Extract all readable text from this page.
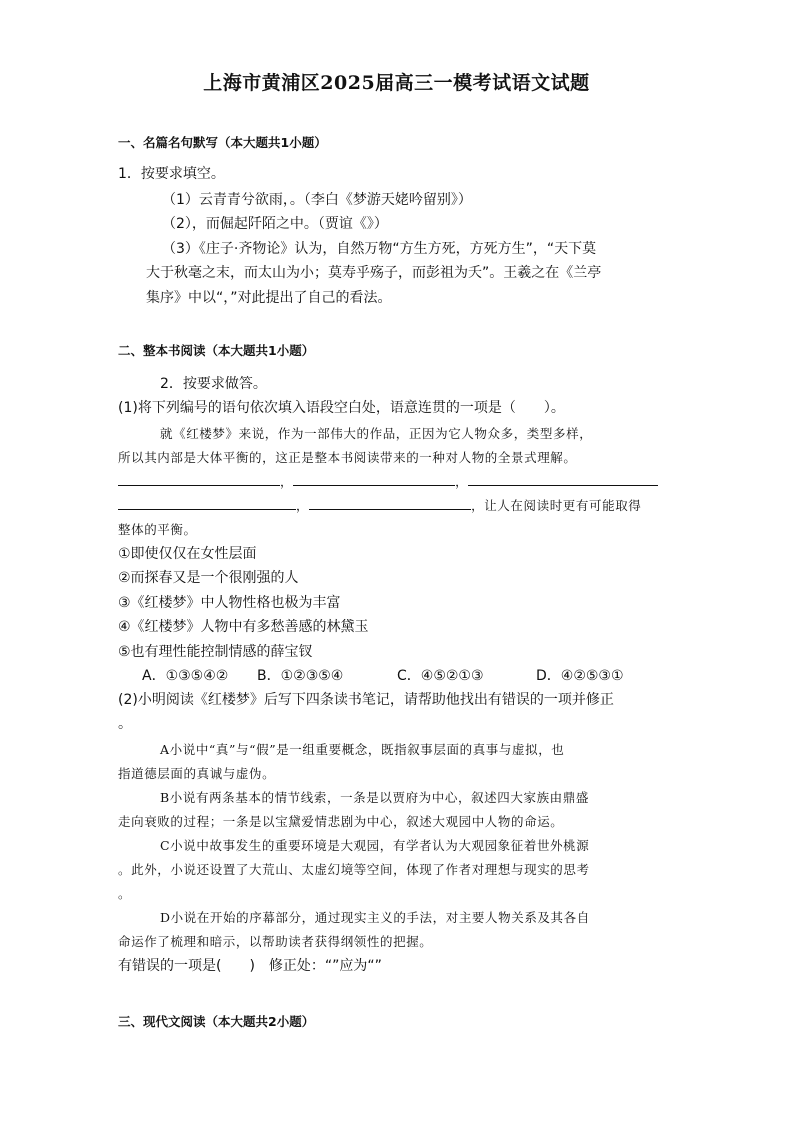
上海市黄浦区2025届高三一模考试语文试题
一、名篇名句默写（本大题共1小题）
1．按要求填空。
（1）云青青兮欲雨，。（李白《梦游天姥吟留别》）
（2），而倔起阡陌之中。（贾谊《》）
（3）《庄子·齐物论》认为，自然万物“方生方死，方死方生”，“天下莫
大于秋毫之末，而太山为小；莫寿乎殇子，而彭祖为夭”。王羲之在《兰亭
集序》中以“，”对此提出了自己的看法。
二、整本书阅读（本大题共1小题）
2．按要求做答。
(1)将下列编号的语句依次填入语段空白处，语意连贯的一项是（　　）。
就《红楼梦》来说，作为一部伟大的作品，正因为它人物众多，类型多样，
所以其内部是大体平衡的，这正是整本书阅读带来的一种对人物的全景式理解。
，	，
，	，让人在阅读时更有可能取得
整体的平衡。
①即使仅仅在女性层面
②而探春又是一个很刚强的人
③《红楼梦》中人物性格也极为丰富
④《红楼梦》人物中有多愁善感的林黛玉
⑤也有理性能控制情感的薛宝钗
A．①③⑤④② B．①②③⑤④	C．④⑤②①③	D．④②⑤③①
(2)小明阅读《红楼梦》后写下四条读书笔记，请帮助他找出有错误的一项并修正
。
A小说中“真”与“假”是一组重要概念，既指叙事层面的真事与虚拟，也
指道德层面的真诚与虚伪。
B小说有两条基本的情节线索，一条是以贾府为中心，叙述四大家族由鼎盛
走向衰败的过程；一条是以宝黛爱情悲剧为中心，叙述大观园中人物的命运。
C小说中故事发生的重要环境是大观园，有学者认为大观园象征着世外桃源
。此外，小说还设置了大荒山、太虚幻境等空间，体现了作者对理想与现实的思考
。
D小说在开始的序幕部分，通过现实主义的手法，对主要人物关系及其各自
命运作了梳理和暗示，以帮助读者获得纲领性的把握。
有错误的一项是(　　)　修正处：“”应为“”
三、现代文阅读（本大题共2小题）
